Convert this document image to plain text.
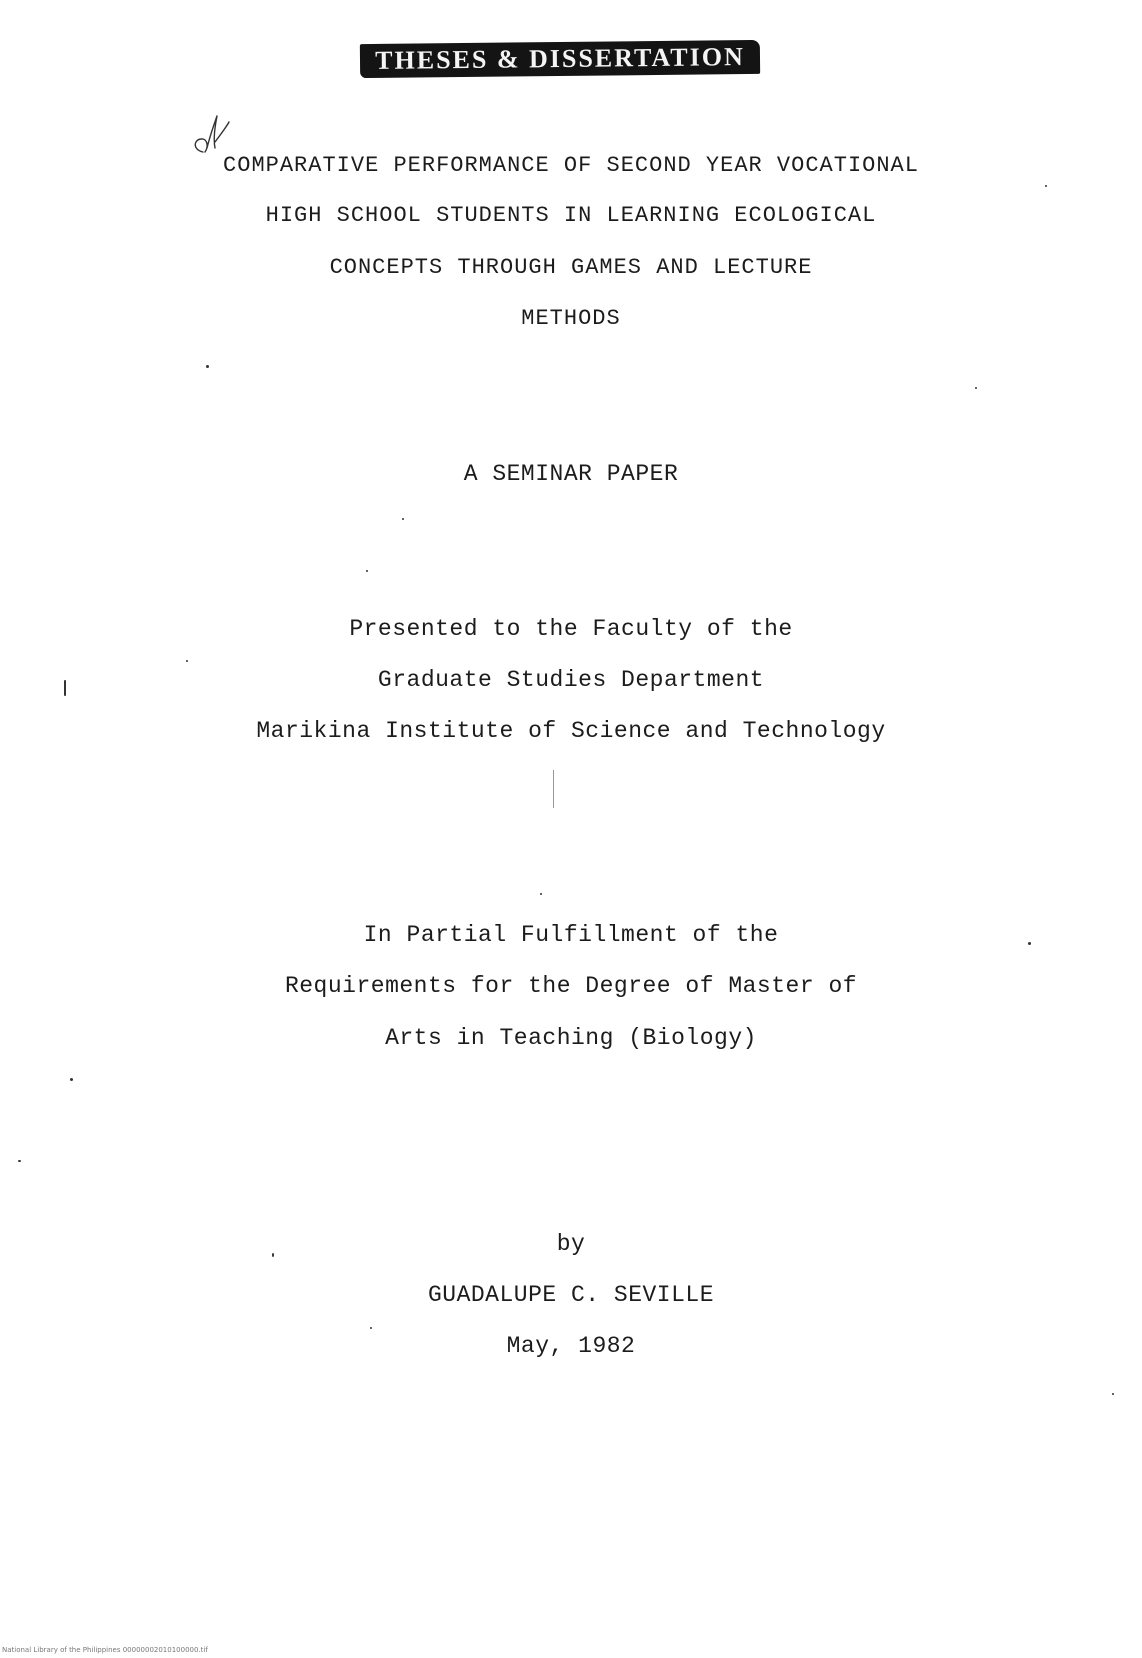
THESES & DISSERTATION
COMPARATIVE PERFORMANCE OF SECOND YEAR VOCATIONAL
HIGH SCHOOL STUDENTS IN LEARNING ECOLOGICAL
CONCEPTS THROUGH GAMES AND LECTURE
METHODS
A SEMINAR PAPER
Presented to the Faculty of the
Graduate Studies Department
Marikina Institute of Science and Technology
In Partial Fulfillment of the
Requirements for the Degree of Master of
Arts in Teaching (Biology)
by
GUADALUPE C. SEVILLE
May, 1982
National Library of the Philippines 00000002010100000.tif
